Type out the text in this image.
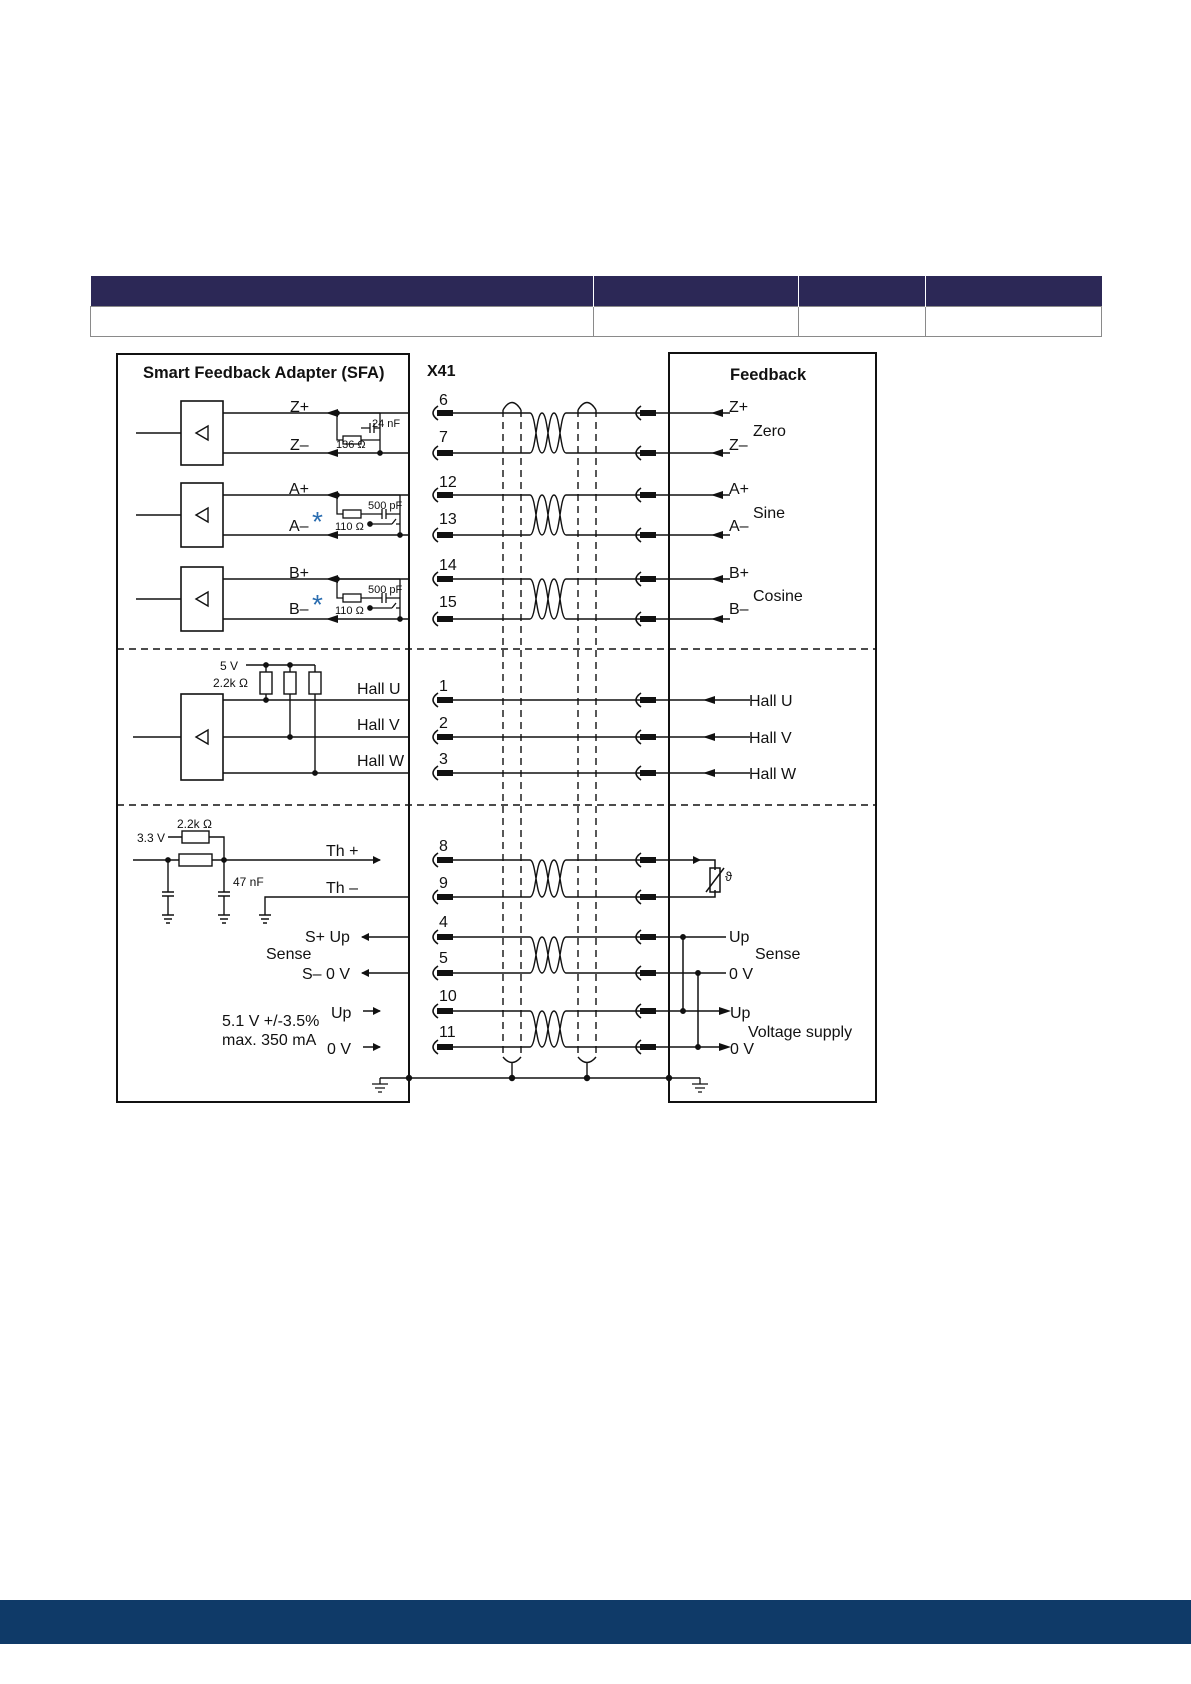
Smart Feedback Adapter (SFA)	X41	Feedback
6
7
12
13
14
15
1
2
3
8
9
4
5
10
11
Z+
Z–
A+
A–
B+
B–
24 nF
136 Ω
500 pF
110 Ω
500 pF
110 Ω
*
*
Z+
Z–
Zero
A+
A–
Sine
B+
B–
Cosine
5 V
2.2k Ω	Hall U
Hall V
Hall W
Hall U
Hall V
Hall W
2.2k Ω
3.3 V
47 nF
Th +
Th –
ϑ
S+ Up
Sense
S– 0 V
Up
Sense
0 V
5.1 V +/-3.5%
max. 350 mA
Up
0 V
Up
Voltage supply
0 V
